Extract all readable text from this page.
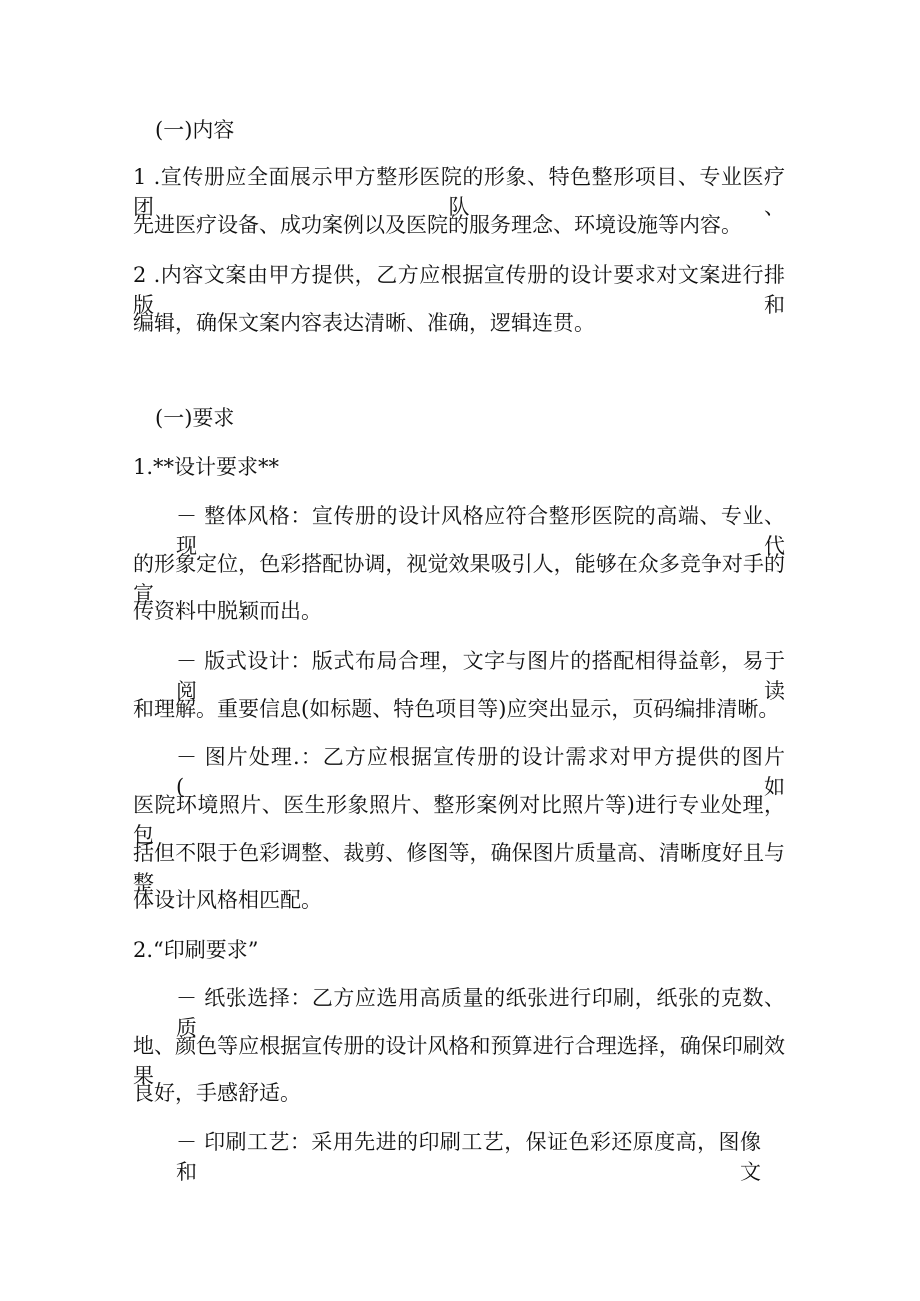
(一)内容
1 .宣传册应全面展示甲方整形医院的形象、特色整形项目、专业医疗团队、
先进医疗设备、成功案例以及医院的服务理念、环境设施等内容。
2 .内容文案由甲方提供，乙方应根据宣传册的设计要求对文案进行排版和
编辑，确保文案内容表达清晰、准确，逻辑连贯。
(一)要求
1.**设计要求**
－ 整体风格：宣传册的设计风格应符合整形医院的高端、专业、现代
的形象定位，色彩搭配协调，视觉效果吸引人，能够在众多竞争对手的宣
传资料中脱颖而出。
－ 版式设计：版式布局合理，文字与图片的搭配相得益彰，易于阅读
和理解。重要信息(如标题、特色项目等)应突出显示，页码编排清晰。
－ 图片处理.：乙方应根据宣传册的设计需求对甲方提供的图片(如
医院环境照片、医生形象照片、整形案例对比照片等)进行专业处理，包
括但不限于色彩调整、裁剪、修图等，确保图片质量高、清晰度好且与整
体设计风格相匹配。
2.“印刷要求”
－ 纸张选择：乙方应选用高质量的纸张进行印刷，纸张的克数、质
地、颜色等应根据宣传册的设计风格和预算进行合理选择，确保印刷效果
良好，手感舒适。
－ 印刷工艺：采用先进的印刷工艺，保证色彩还原度高，图像和文
